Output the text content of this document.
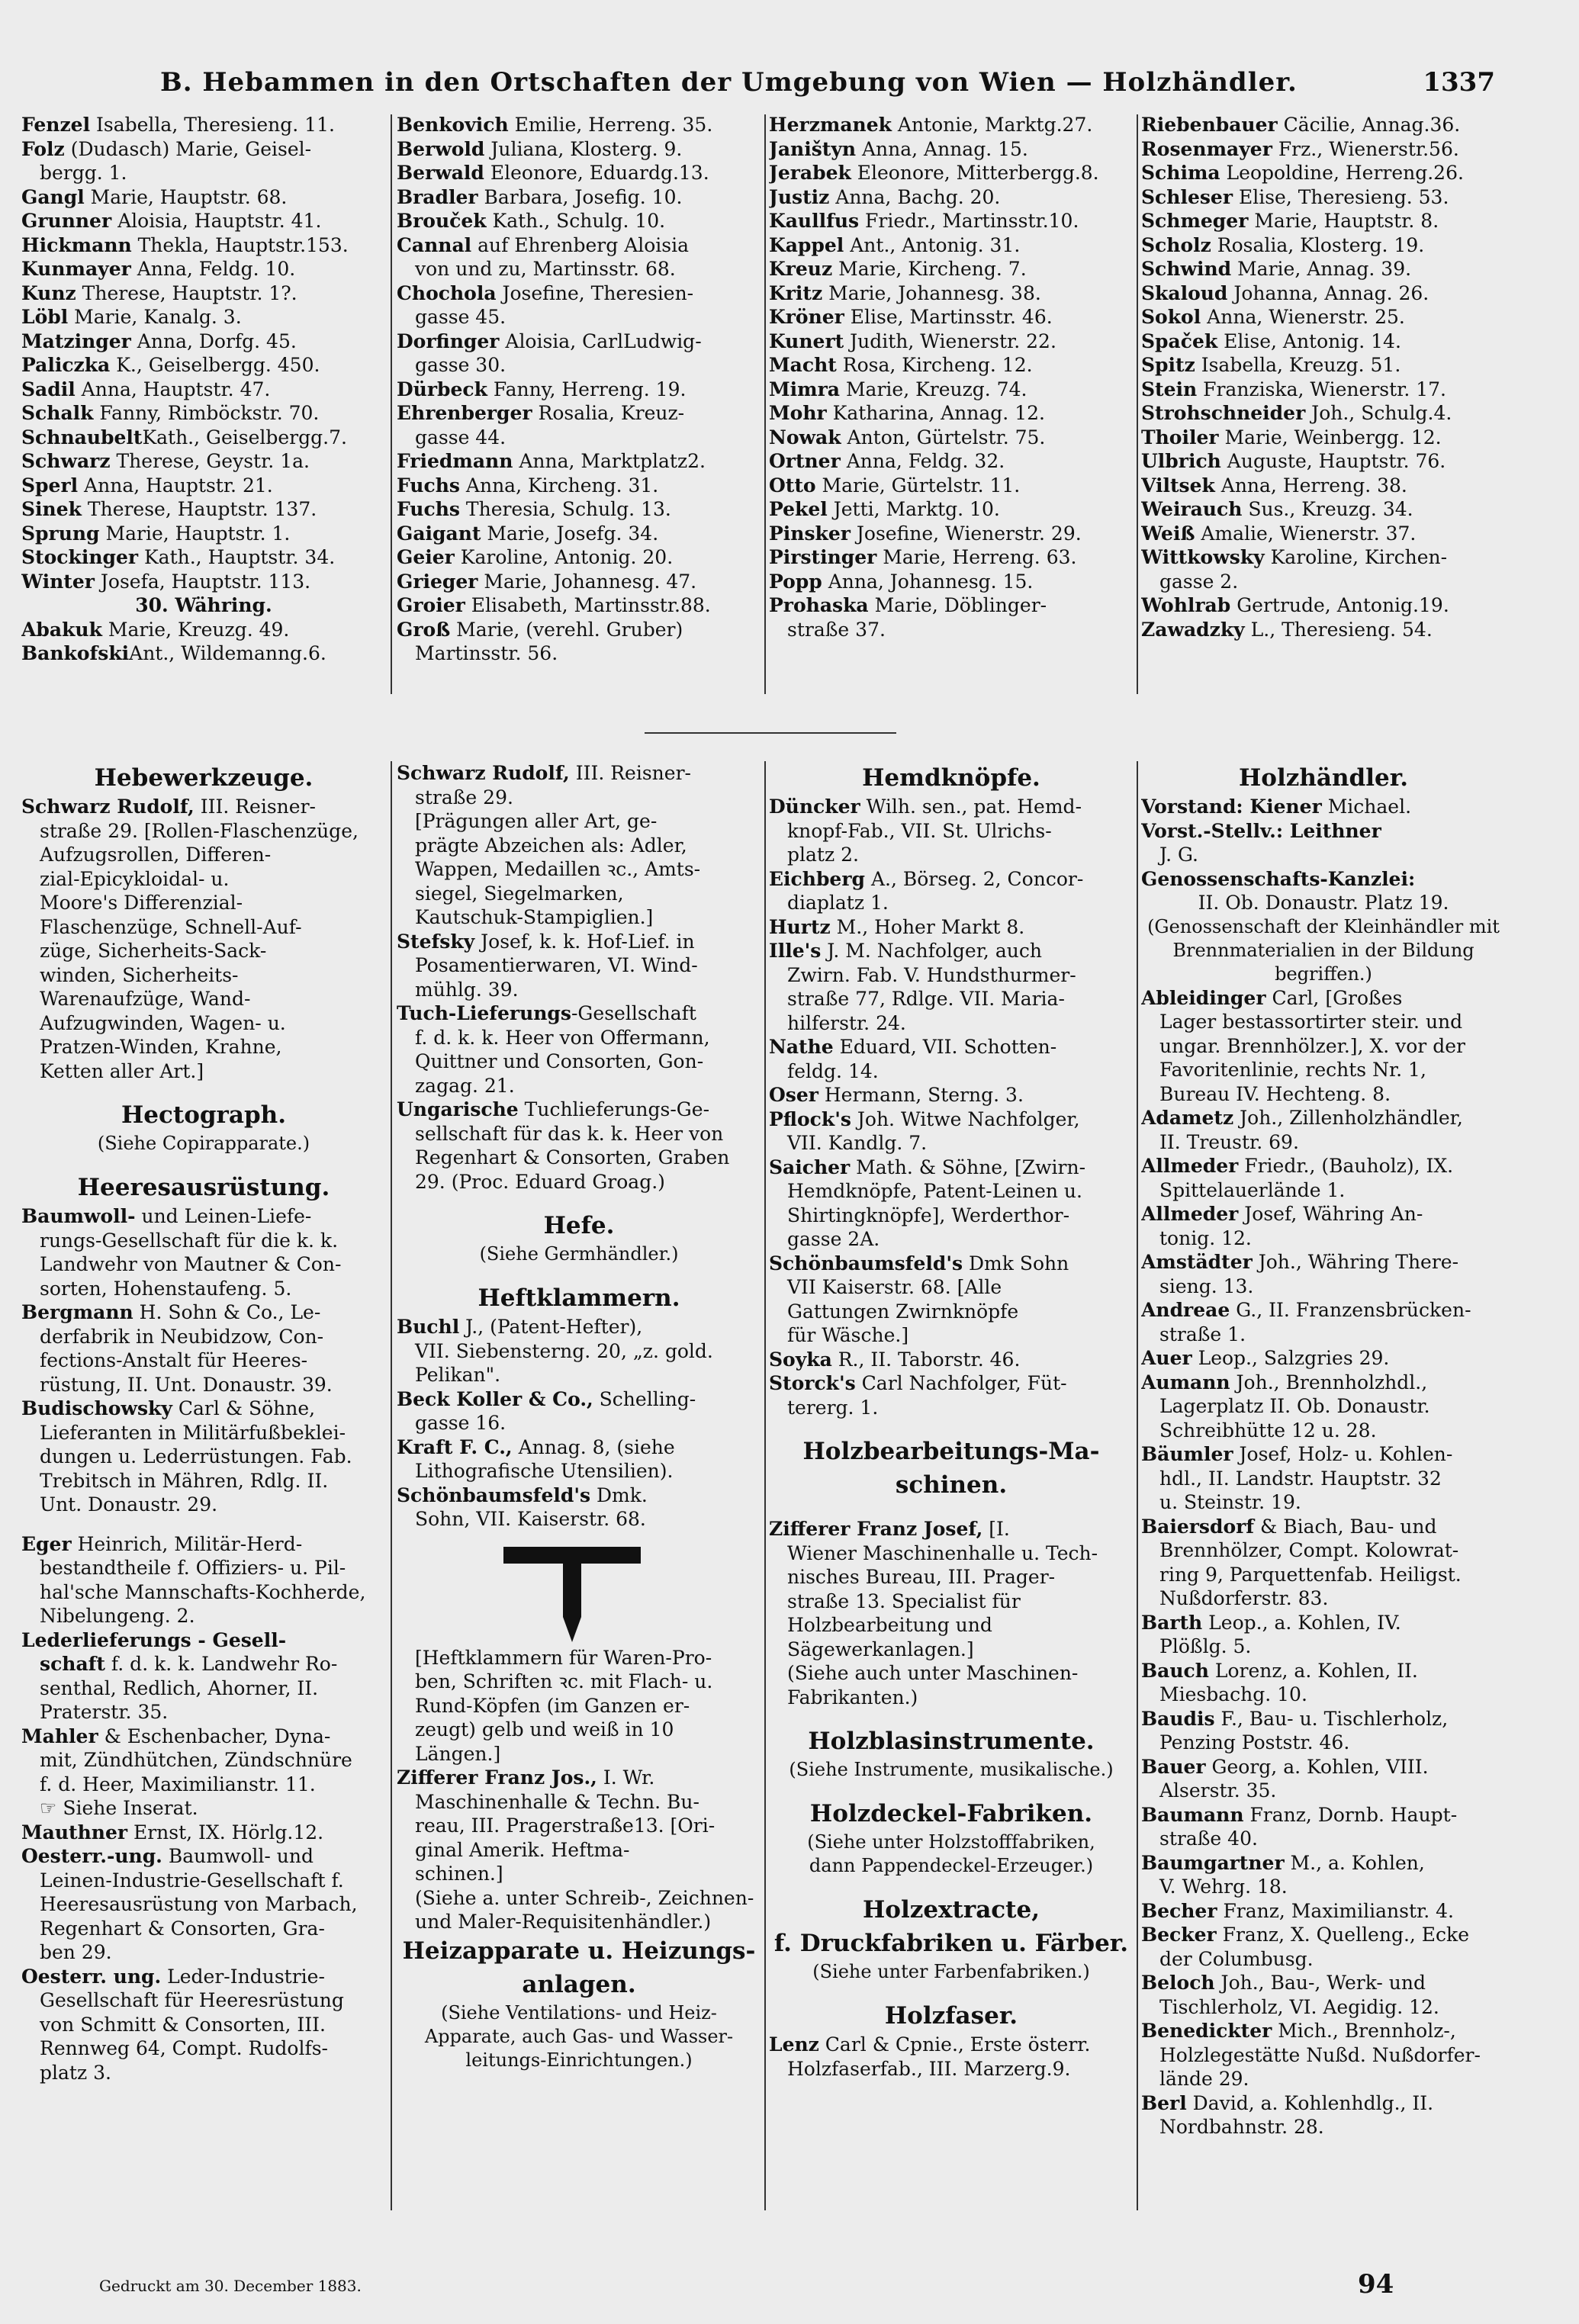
B. Hebammen in den Ortschaften der Umgebung von Wien — Holzhändler.	1337
Fenzel Isabella, Theresieng. 11.
Folz (Dudasch) Marie, Geisel-
bergg. 1.
Gangl Marie, Hauptstr. 68.
Grunner Aloisia, Hauptstr. 41.
Hickmann Thekla, Hauptstr.153.
Kunmayer Anna, Feldg. 10.
Kunz Therese, Hauptstr. 1?.
Löbl Marie, Kanalg. 3.
Matzinger Anna, Dorfg. 45.
Paliczka K., Geiselbergg. 450.
Sadil Anna, Hauptstr. 47.
Schalk Fanny, Rimböckstr. 70.
SchnaubeltKath., Geiselbergg.7.
Schwarz Therese, Geystr. 1a.
Sperl Anna, Hauptstr. 21.
Sinek Therese, Hauptstr. 137.
Sprung Marie, Hauptstr. 1.
Stockinger Kath., Hauptstr. 34.
Winter Josefa, Hauptstr. 113.
30. Währing.
Abakuk Marie, Kreuzg. 49.
BankofskiAnt., Wildemanng.6.
Benkovich Emilie, Herreng. 35.
Berwold Juliana, Klosterg. 9.
Berwald Eleonore, Eduardg.13.
Bradler Barbara, Josefig. 10.
Brouček Kath., Schulg. 10.
Cannal auf Ehrenberg Aloisia
von und zu, Martinsstr. 68.
Chochola Josefine, Theresien-
gasse 45.
Dorfinger Aloisia, CarlLudwig-
gasse 30.
Dürbeck Fanny, Herreng. 19.
Ehrenberger Rosalia, Kreuz-
gasse 44.
Friedmann Anna, Marktplatz2.
Fuchs Anna, Kircheng. 31.
Fuchs Theresia, Schulg. 13.
Gaigant Marie, Josefg. 34.
Geier Karoline, Antonig. 20.
Grieger Marie, Johannesg. 47.
Groier Elisabeth, Martinsstr.88.
Groß Marie, (verehl. Gruber)
Martinsstr. 56.
Herzmanek Antonie, Marktg.27.
Janištyn Anna, Annag. 15.
Jerabek Eleonore, Mitterbergg.8.
Justiz Anna, Bachg. 20.
Kaullfus Friedr., Martinsstr.10.
Kappel Ant., Antonig. 31.
Kreuz Marie, Kircheng. 7.
Kritz Marie, Johannesg. 38.
Kröner Elise, Martinsstr. 46.
Kunert Judith, Wienerstr. 22.
Macht Rosa, Kircheng. 12.
Mimra Marie, Kreuzg. 74.
Mohr Katharina, Annag. 12.
Nowak Anton, Gürtelstr. 75.
Ortner Anna, Feldg. 32.
Otto Marie, Gürtelstr. 11.
Pekel Jetti, Marktg. 10.
Pinsker Josefine, Wienerstr. 29.
Pirstinger Marie, Herreng. 63.
Popp Anna, Johannesg. 15.
Prohaska Marie, Döblinger-
straße 37.
Riebenbauer Cäcilie, Annag.36.
Rosenmayer Frz., Wienerstr.56.
Schima Leopoldine, Herreng.26.
Schleser Elise, Theresieng. 53.
Schmeger Marie, Hauptstr. 8.
Scholz Rosalia, Klosterg. 19.
Schwind Marie, Annag. 39.
Skaloud Johanna, Annag. 26.
Sokol Anna, Wienerstr. 25.
Spaček Elise, Antonig. 14.
Spitz Isabella, Kreuzg. 51.
Stein Franziska, Wienerstr. 17.
Strohschneider Joh., Schulg.4.
Thoiler Marie, Weinbergg. 12.
Ulbrich Auguste, Hauptstr. 76.
Viltsek Anna, Herreng. 38.
Weirauch Sus., Kreuzg. 34.
Weiß Amalie, Wienerstr. 37.
Wittkowsky Karoline, Kirchen-
gasse 2.
Wohlrab Gertrude, Antonig.19.
Zawadzky L., Theresieng. 54.
Hebewerkzeuge.
Schwarz Rudolf, III. Reisner-
straße 29. [Rollen-Flaschenzüge,
Aufzugsrollen, Differen-
zial-Epicykloidal- u.
Moore's Differenzial-
Flaschenzüge, Schnell-Auf-
züge, Sicherheits-Sack-
winden, Sicherheits-
Warenaufzüge, Wand-
Aufzugwinden, Wagen- u.
Pratzen-Winden, Krahne,
Ketten aller Art.]
Hectograph.
(Siehe Copirapparate.)
Heeresausrüstung.
Baumwoll- und Leinen-Liefe-
rungs-Gesellschaft für die k. k.
Landwehr von Mautner & Con-
sorten, Hohenstaufeng. 5.
Bergmann H. Sohn & Co., Le-
derfabrik in Neubidzow, Con-
fections-Anstalt für Heeres-
rüstung, II. Unt. Donaustr. 39.
Budischowsky Carl & Söhne,
Lieferanten in Militärfußbeklei-
dungen u. Lederrüstungen. Fab.
Trebitsch in Mähren, Rdlg. II.
Unt. Donaustr. 29.
Eger Heinrich, Militär-Herd-
bestandtheile f. Offiziers- u. Pil-
hal'sche Mannschafts-Kochherde,
Nibelungeng. 2.
Lederlieferungs - Gesell-
schaft f. d. k. k. Landwehr Ro-
senthal, Redlich, Ahorner, II.
Praterstr. 35.
Mahler & Eschenbacher, Dyna-
mit, Zündhütchen, Zündschnüre
f. d. Heer, Maximilianstr. 11.
☞ Siehe Inserat.
Mauthner Ernst, IX. Hörlg.12.
Oesterr.-ung. Baumwoll- und
Leinen-Industrie-Gesellschaft f.
Heeresausrüstung von Marbach,
Regenhart & Consorten, Gra-
ben 29.
Oesterr. ung. Leder-Industrie-
Gesellschaft für Heeresrüstung
von Schmitt & Consorten, III.
Rennweg 64, Compt. Rudolfs-
platz 3.
Schwarz Rudolf, III. Reisner-
straße 29.
[Prägungen aller Art, ge-
prägte Abzeichen als: Adler,
Wappen, Medaillen ꝛc., Amts-
siegel, Siegelmarken,
Kautschuk-Stampiglien.]
Stefsky Josef, k. k. Hof-Lief. in
Posamentierwaren, VI. Wind-
mühlg. 39.
Tuch-Lieferungs-Gesellschaft
f. d. k. k. Heer von Offermann,
Quittner und Consorten, Gon-
zagag. 21.
Ungarische Tuchlieferungs-Ge-
sellschaft für das k. k. Heer von
Regenhart & Consorten, Graben
29. (Proc. Eduard Groag.)
Hefe.
(Siehe Germhändler.)
Heftklammern.
Buchl J., (Patent-Hefter),
VII. Siebensterng. 20, „z. gold.
Pelikan".
Beck Koller & Co., Schelling-
gasse 16.
Kraft F. C., Annag. 8, (siehe
Lithografische Utensilien).
Schönbaumsfeld's Dmk.
Sohn, VII. Kaiserstr. 68.
[Heftklammern für Waren-Pro-
ben, Schriften ꝛc. mit Flach- u.
Rund-Köpfen (im Ganzen er-
zeugt) gelb und weiß in 10
Längen.]
Zifferer Franz Jos., I. Wr.
Maschinenhalle & Techn. Bu-
reau, III. Pragerstraße13. [Ori-
ginal Amerik. Heftma-
schinen.]
(Siehe a. unter Schreib-, Zeichnen-
und Maler-Requisitenhändler.)
Heizapparate u. Heizungs-
anlagen.
(Siehe Ventilations- und Heiz-
Apparate, auch Gas- und Wasser-
leitungs-Einrichtungen.)
Hemdknöpfe.
Düncker Wilh. sen., pat. Hemd-
knopf-Fab., VII. St. Ulrichs-
platz 2.
Eichberg A., Börseg. 2, Concor-
diaplatz 1.
Hurtz M., Hoher Markt 8.
Ille's J. M. Nachfolger, auch
Zwirn. Fab. V. Hundsthurmer-
straße 77, Rdlge. VII. Maria-
hilferstr. 24.
Nathe Eduard, VII. Schotten-
feldg. 14.
Oser Hermann, Sterng. 3.
Pflock's Joh. Witwe Nachfolger,
VII. Kandlg. 7.
Saicher Math. & Söhne, [Zwirn-
Hemdknöpfe, Patent-Leinen u.
Shirtingknöpfe], Werderthor-
gasse 2A.
Schönbaumsfeld's Dmk Sohn
VII Kaiserstr. 68. [Alle
Gattungen Zwirnknöpfe
für Wäsche.]
Soyka R., II. Taborstr. 46.
Storck's Carl Nachfolger, Füt-
tererg. 1.
Holzbearbeitungs-Ma-
schinen.
Zifferer Franz Josef, [I.
Wiener Maschinenhalle u. Tech-
nisches Bureau, III. Prager-
straße 13. Specialist für
Holzbearbeitung und
Sägewerkanlagen.]
(Siehe auch unter Maschinen-
Fabrikanten.)
Holzblasinstrumente.
(Siehe Instrumente, musikalische.)
Holzdeckel-Fabriken.
(Siehe unter Holzstofffabriken,
dann Pappendeckel-Erzeuger.)
Holzextracte,
f. Druckfabriken u. Färber.
(Siehe unter Farbenfabriken.)
Holzfaser.
Lenz Carl & Cpnie., Erste österr.
Holzfaserfab., III. Marzerg.9.
Holzhändler.
Vorstand: Kiener Michael.
Vorst.-Stellv.: Leithner
J. G.
Genossenschafts-Kanzlei:
II. Ob. Donaustr. Platz 19.
(Genossenschaft der Kleinhändler mit
Brennmaterialien in der Bildung
begriffen.)
Ableidinger Carl, [Großes
Lager bestassortirter steir. und
ungar. Brennhölzer.], X. vor der
Favoritenlinie, rechts Nr. 1,
Bureau IV. Hechteng. 8.
Adametz Joh., Zillenholzhändler,
II. Treustr. 69.
Allmeder Friedr., (Bauholz), IX.
Spittelauerlände 1.
Allmeder Josef, Währing An-
tonig. 12.
Amstädter Joh., Währing There-
sieng. 13.
Andreae G., II. Franzensbrücken-
straße 1.
Auer Leop., Salzgries 29.
Aumann Joh., Brennholzhdl.,
Lagerplatz II. Ob. Donaustr.
Schreibhütte 12 u. 28.
Bäumler Josef, Holz- u. Kohlen-
hdl., II. Landstr. Hauptstr. 32
u. Steinstr. 19.
Baiersdorf & Biach, Bau- und
Brennhölzer, Compt. Kolowrat-
ring 9, Parquettenfab. Heiligst.
Nußdorferstr. 83.
Barth Leop., a. Kohlen, IV.
Plößlg. 5.
Bauch Lorenz, a. Kohlen, II.
Miesbachg. 10.
Baudis F., Bau- u. Tischlerholz,
Penzing Poststr. 46.
Bauer Georg, a. Kohlen, VIII.
Alserstr. 35.
Baumann Franz, Dornb. Haupt-
straße 40.
Baumgartner M., a. Kohlen,
V. Wehrg. 18.
Becher Franz, Maximilianstr. 4.
Becker Franz, X. Quelleng., Ecke
der Columbusg.
Beloch Joh., Bau-, Werk- und
Tischlerholz, VI. Aegidig. 12.
Benedickter Mich., Brennholz-,
Holzlegestätte Nußd. Nußdorfer-
lände 29.
Berl David, a. Kohlenhdlg., II.
Nordbahnstr. 28.
Gedruckt am 30. December 1883.	94
